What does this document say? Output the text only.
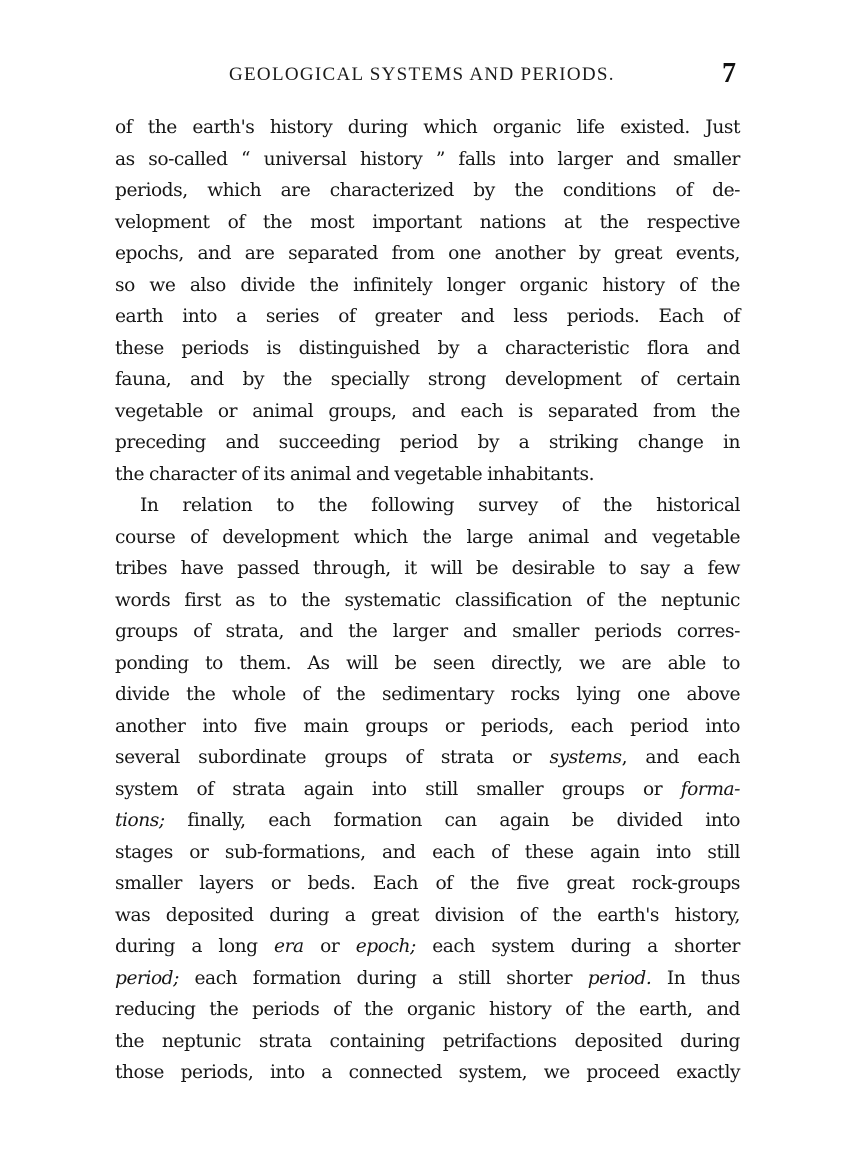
GEOLOGICAL SYSTEMS AND PERIODS.	7
of the earth's history during which organic life existed. Just
as so-called “ universal history ” falls into larger and smaller
periods, which are characterized by the conditions of de-
velopment of the most important nations at the respective
epochs, and are separated from one another by great events,
so we also divide the infinitely longer organic history of the
earth into a series of greater and less periods. Each of
these periods is distinguished by a characteristic flora and
fauna, and by the specially strong development of certain
vegetable or animal groups, and each is separated from the
preceding and succeeding period by a striking change in
the character of its animal and vegetable inhabitants.
In relation to the following survey of the historical
course of development which the large animal and vegetable
tribes have passed through, it will be desirable to say a few
words first as to the systematic classification of the neptunic
groups of strata, and the larger and smaller periods corres-
ponding to them. As will be seen directly, we are able to
divide the whole of the sedimentary rocks lying one above
another into five main groups or periods, each period into
several subordinate groups of strata or systems, and each
system of strata again into still smaller groups or forma-
tions; finally, each formation can again be divided into
stages or sub-formations, and each of these again into still
smaller layers or beds. Each of the five great rock-groups
was deposited during a great division of the earth's history,
during a long era or epoch; each system during a shorter
period; each formation during a still shorter period. In thus
reducing the periods of the organic history of the earth, and
the neptunic strata containing petrifactions deposited during
those periods, into a connected system, we proceed exactly
